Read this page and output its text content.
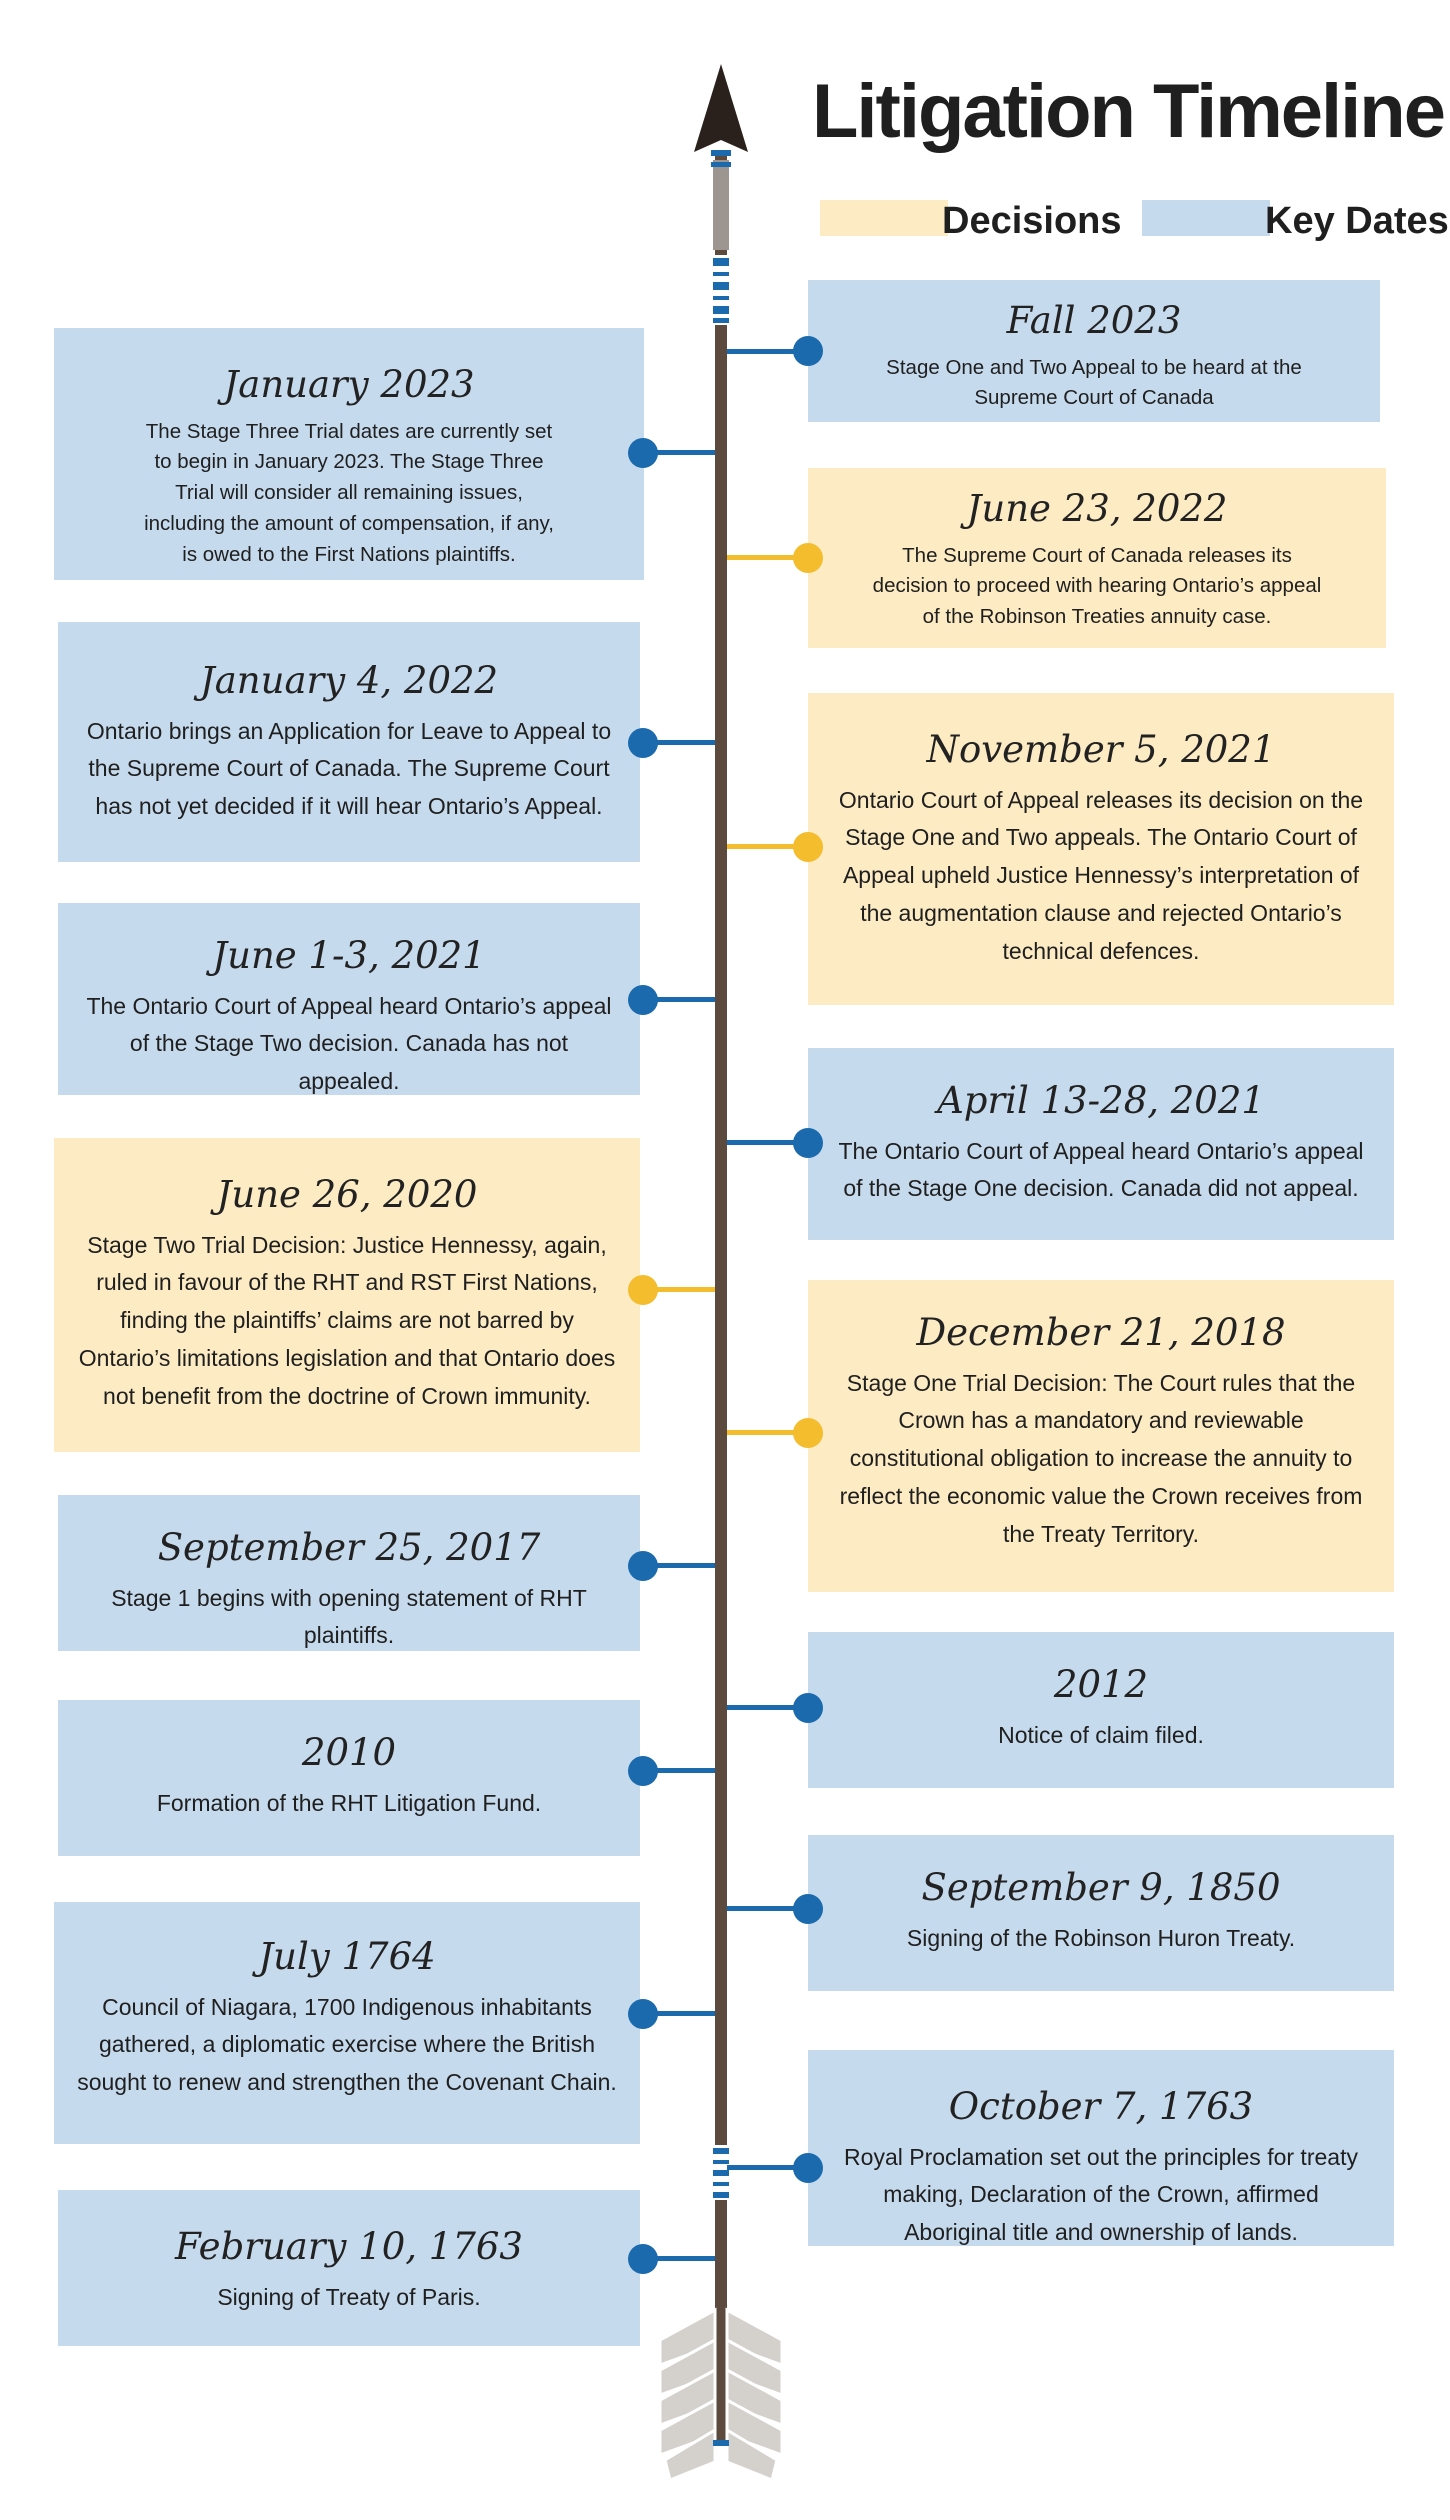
Litigation Timeline
Decisions	Key Dates
Fall 2023
Stage One and Two Appeal to be heard at the Supreme Court of Canada
June 23, 2022
The Supreme Court of Canada releases its decision to proceed with hearing Ontario’s appeal of the Robinson Treaties annuity case.
November 5, 2021
Ontario Court of Appeal releases its decision on the Stage One and Two appeals. The Ontario Court of Appeal upheld Justice Hennessy’s interpretation of the augmentation clause and rejected Ontario’s technical defences.
April 13-28, 2021
The Ontario Court of Appeal heard Ontario’s appeal of the Stage One decision. Canada did not appeal.
December 21, 2018
Stage One Trial Decision: The Court rules that the Crown has a mandatory and reviewable constitutional obligation to increase the annuity to reflect the economic value the Crown receives from the Treaty Territory.
2012
Notice of claim filed.
September 9, 1850
Signing of the Robinson Huron Treaty.
October 7, 1763
Royal Proclamation set out the principles for treaty making, Declaration of the Crown, affirmed Aboriginal title and ownership of lands.
January 2023
The Stage Three Trial dates are currently set to begin in January 2023. The Stage Three Trial will consider all remaining issues, including the amount of compensation, if any, is owed to the First Nations plaintiffs.
January 4, 2022
Ontario brings an Application for Leave to Appeal to the Supreme Court of Canada. The Supreme Court has not yet decided if it will hear Ontario’s Appeal.
June 1-3, 2021
The Ontario Court of Appeal heard Ontario’s appeal of the Stage Two decision. Canada has not appealed.
June 26, 2020
Stage Two Trial Decision: Justice Hennessy, again, ruled in favour of the RHT and RST First Nations, finding the plaintiffs’ claims are not barred by Ontario’s limitations legislation and that Ontario does not benefit from the doctrine of Crown immunity.
September 25, 2017
Stage 1 begins with opening statement of RHT plaintiffs.
2010
Formation of the RHT Litigation Fund.
July 1764
Council of Niagara, 1700 Indigenous inhabitants gathered, a diplomatic exercise where the British sought to renew and strengthen the Covenant Chain.
February 10, 1763
Signing of Treaty of Paris.
